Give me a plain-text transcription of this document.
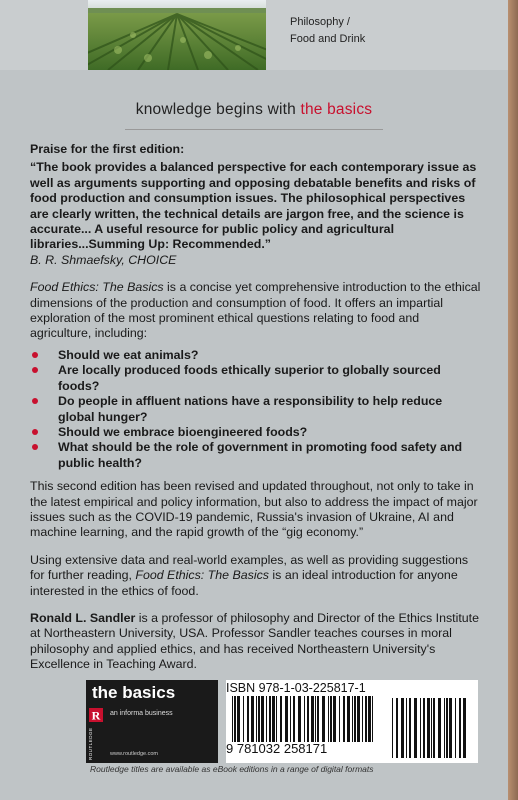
Philosophy /
Food and Drink
knowledge begins with the basics

Praise for the first edition:

“The book provides a balanced perspective for each contemporary issue as well as arguments supporting and opposing debatable benefits and risks of food production and consumption issues. The philosophical perspectives are clearly written, the technical details are jargon free, and the science is accurate... A useful resource for public policy and agricultural libraries...Summing Up: Recommended.”

B. R. Shmaefsky, CHOICE

Food Ethics: The Basics is a concise yet comprehensive introduction to the ethical dimensions of the production and consumption of food. It offers an impartial exploration of the most prominent ethical questions relating to food and agriculture, including:

Should we eat animals?
Are locally produced foods ethically superior to globally sourced foods?
Do people in affluent nations have a responsibility to help reduce global hunger?
Should we embrace bioengineered foods?
What should be the role of government in promoting food safety and public health?

This second edition has been revised and updated throughout, not only to take in the latest empirical and policy information, but also to address the impact of major issues such as the COVID-19 pandemic, Russia's invasion of Ukraine, AI and machine learning, and the rapid growth of the “gig economy.”

Using extensive data and real-world examples, as well as providing suggestions for further reading, Food Ethics: The Basics is an ideal introduction for anyone interested in the ethics of food.

Ronald L. Sandler is a professor of philosophy and Director of the Ethics Institute at Northeastern University, USA. Professor Sandler teaches courses in moral philosophy and applied ethics, and has received Northeastern University's Excellence in Teaching Award.

the basics
R
ROUTLEDGE
an informa business
www.routledge.com
ISBN 978-1-03-225817-1
9 781032 258171
Routledge titles are available as eBook editions in a range of digital formats
